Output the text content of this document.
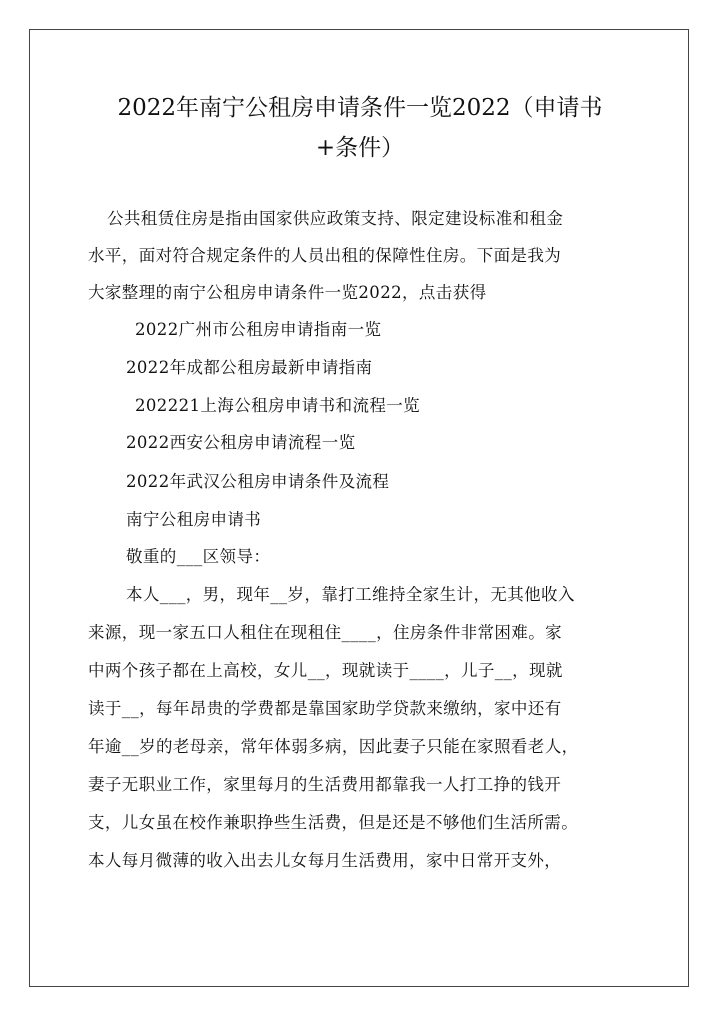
2022年南宁公租房申请条件一览2022（申请书
+条件）

公共租赁住房是指由国家供应政策支持、限定建设标准和租金

水平，面对符合规定条件的人员出租的保障性住房。下面是我为

大家整理的南宁公租房申请条件一览2022，点击获得

2022广州市公租房申请指南一览

2022年成都公租房最新申请指南

202221上海公租房申请书和流程一览

2022西安公租房申请流程一览

2022年武汉公租房申请条件及流程

南宁公租房申请书

敬重的___区领导：

本人___，男，现年__岁，靠打工维持全家生计，无其他收入

来源，现一家五口人租住在现租住____，住房条件非常困难。家

中两个孩子都在上高校，女儿__，现就读于____，儿子__，现就

读于__，每年昂贵的学费都是靠国家助学贷款来缴纳，家中还有

年逾__岁的老母亲，常年体弱多病，因此妻子只能在家照看老人，

妻子无职业工作，家里每月的生活费用都靠我一人打工挣的钱开

支，儿女虽在校作兼职挣些生活费，但是还是不够他们生活所需。

本人每月微薄的收入出去儿女每月生活费用，家中日常开支外，
